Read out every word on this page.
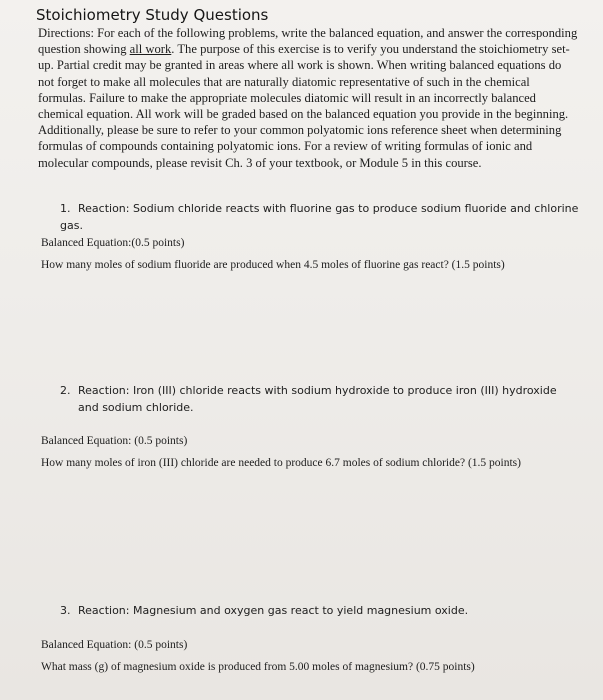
Stoichiometry Study Questions
Directions: For each of the following problems, write the balanced equation, and answer the corresponding question showing all work. The purpose of this exercise is to verify you understand the stoichiometry set-up. Partial credit may be granted in areas where all work is shown. When writing balanced equations do not forget to make all molecules that are naturally diatomic representative of such in the chemical formulas. Failure to make the appropriate molecules diatomic will result in an incorrectly balanced chemical equation. All work will be graded based on the balanced equation you provide in the beginning. Additionally, please be sure to refer to your common polyatomic ions reference sheet when determining formulas of compounds containing polyatomic ions. For a review of writing formulas of ionic and molecular compounds, please revisit Ch. 3 of your textbook, or Module 5 in this course.
1. Reaction: Sodium chloride reacts with fluorine gas to produce sodium fluoride and chlorine gas.
Balanced Equation:(0.5 points)
How many moles of sodium fluoride are produced when 4.5 moles of fluorine gas react? (1.5 points)
2. Reaction: Iron (III) chloride reacts with sodium hydroxide to produce iron (III) hydroxide and sodium chloride.
Balanced Equation: (0.5 points)
How many moles of iron (III) chloride are needed to produce 6.7 moles of sodium chloride? (1.5 points)
3. Reaction: Magnesium and oxygen gas react to yield magnesium oxide.
Balanced Equation: (0.5 points)
What mass (g) of magnesium oxide is produced from 5.00 moles of magnesium? (0.75 points)
